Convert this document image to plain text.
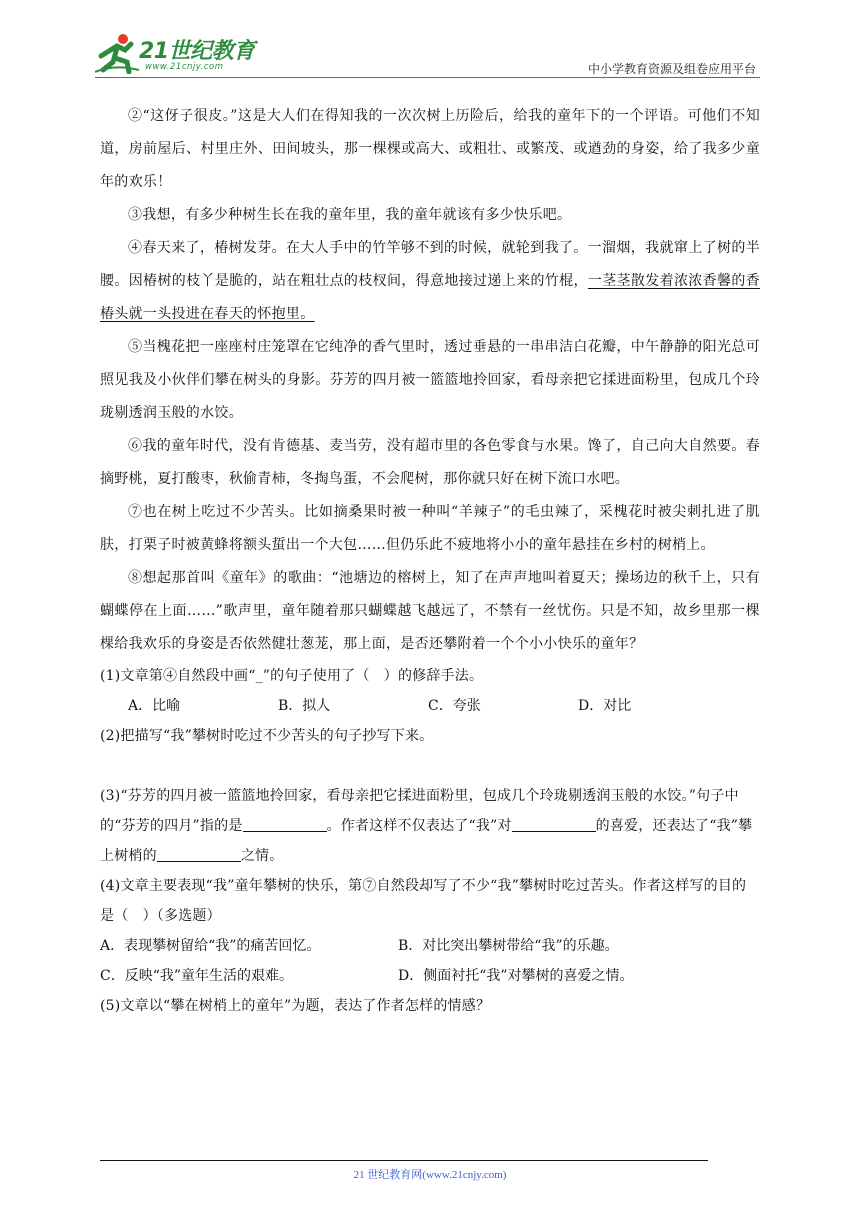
21世纪教育
www.21cnjy.com	中小学教育资源及组卷应用平台

②“这伢子很皮。”这是大人们在得知我的一次次树上历险后，给我的童年下的一个评语。可他们不知道，房前屋后、村里庄外、田间坡头，那一棵棵或高大、或粗壮、或繁茂、或遒劲的身姿，给了我多少童年的欢乐！

③我想，有多少种树生长在我的童年里，我的童年就该有多少快乐吧。

④春天来了，椿树发芽。在大人手中的竹竿够不到的时候，就轮到我了。一溜烟，我就窜上了树的半腰。因椿树的枝丫是脆的，站在粗壮点的枝杈间，得意地接过递上来的竹棍，一茎茎散发着浓浓香馨的香椿头就一头投进在春天的怀抱里。

⑤当槐花把一座座村庄笼罩在它纯净的香气里时，透过垂悬的一串串洁白花瓣，中午静静的阳光总可照见我及小伙伴们攀在树头的身影。芬芳的四月被一篮篮地拎回家，看母亲把它揉进面粉里，包成几个玲珑剔透润玉般的水饺。

⑥我的童年时代，没有肯德基、麦当劳，没有超市里的各色零食与水果。馋了，自己向大自然要。春摘野桃，夏打酸枣，秋偷青柿，冬掏鸟蛋，不会爬树，那你就只好在树下流口水吧。

⑦也在树上吃过不少苦头。比如摘桑果时被一种叫“羊辣子”的毛虫辣了，采槐花时被尖刺扎进了肌肤，打栗子时被黄蜂将额头蜇出一个大包……但仍乐此不疲地将小小的童年悬挂在乡村的树梢上。

⑧想起那首叫《童年》的歌曲：“池塘边的榕树上，知了在声声地叫着夏天；操场边的秋千上，只有蝴蝶停在上面……”歌声里，童年随着那只蝴蝶越飞越远了，不禁有一丝忧伤。只是不知，故乡里那一棵棵给我欢乐的身姿是否依然健壮葱茏，那上面，是否还攀附着一个个小小快乐的童年？

(1)文章第④自然段中画“_”的句子使用了（　）的修辞手法。

A．比喻	B．拟人	C．夸张	D．对比

(2)把描写“我”攀树时吃过不少苦头的句子抄写下来。

(3)“芬芳的四月被一篮篮地拎回家，看母亲把它揉进面粉里，包成几个玲珑剔透润玉般的水饺。”句子中的“芬芳的四月”指的是	。作者这样不仅表达了“我”对	的喜爱，还表达了“我”攀上树梢的	之情。

(4)文章主要表现“我”童年攀树的快乐，第⑦自然段却写了不少“我”攀树时吃过苦头。作者这样写的目的是（　）（多选题）

A．表现攀树留给“我”的痛苦回忆。	B．对比突出攀树带给“我”的乐趣。
C．反映“我”童年生活的艰难。	D．侧面衬托“我”对攀树的喜爱之情。

(5)文章以“攀在树梢上的童年”为题，表达了作者怎样的情感？

21 世纪教育网(www.21cnjy.com)
